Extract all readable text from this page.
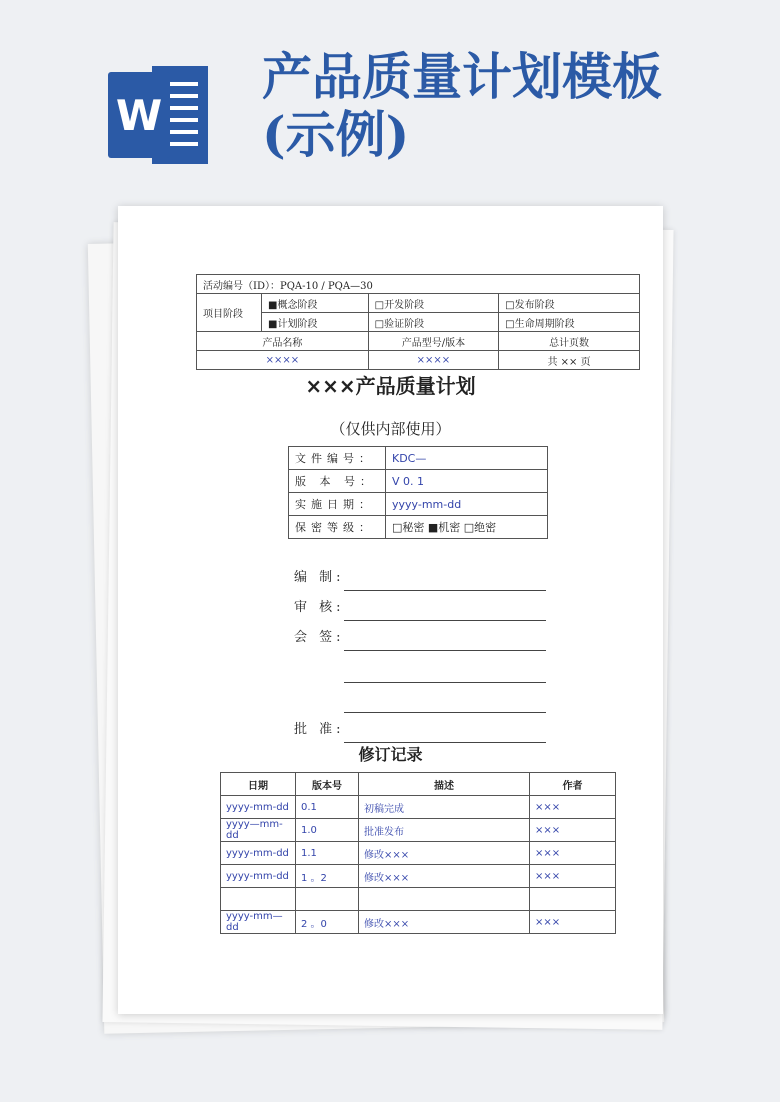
W
产品质量计划模板
(示例)
活动编号（ID）：PQA-10 / PQA—30			
项目阶段	■概念阶段	□开发阶段	□发布阶段
	■计划阶段	□验证阶段	□生命周期阶段
产品名称		产品型号/版本	总计页数
××××		××××	共 ×× 页
×××产品质量计划
（仅供内部使用）
文件编号：	KDC—
版 本 号：	V 0. 1
实施日期：	yyyy-mm-dd
保密等级：	□秘密 ■机密 □绝密
编 制:
审 核:
会 签:
批 准:
修订记录
日期	版本号	描述	作者
yyyy-mm-dd	0.1	初稿完成	×××
yyyy—mm-dd	1.0	批准发布	×××
yyyy-mm-dd	1.1	修改×××	×××
yyyy-mm-dd	1 。2	修改×××	×××

yyyy-mm—dd	2 。0	修改×××	×××
